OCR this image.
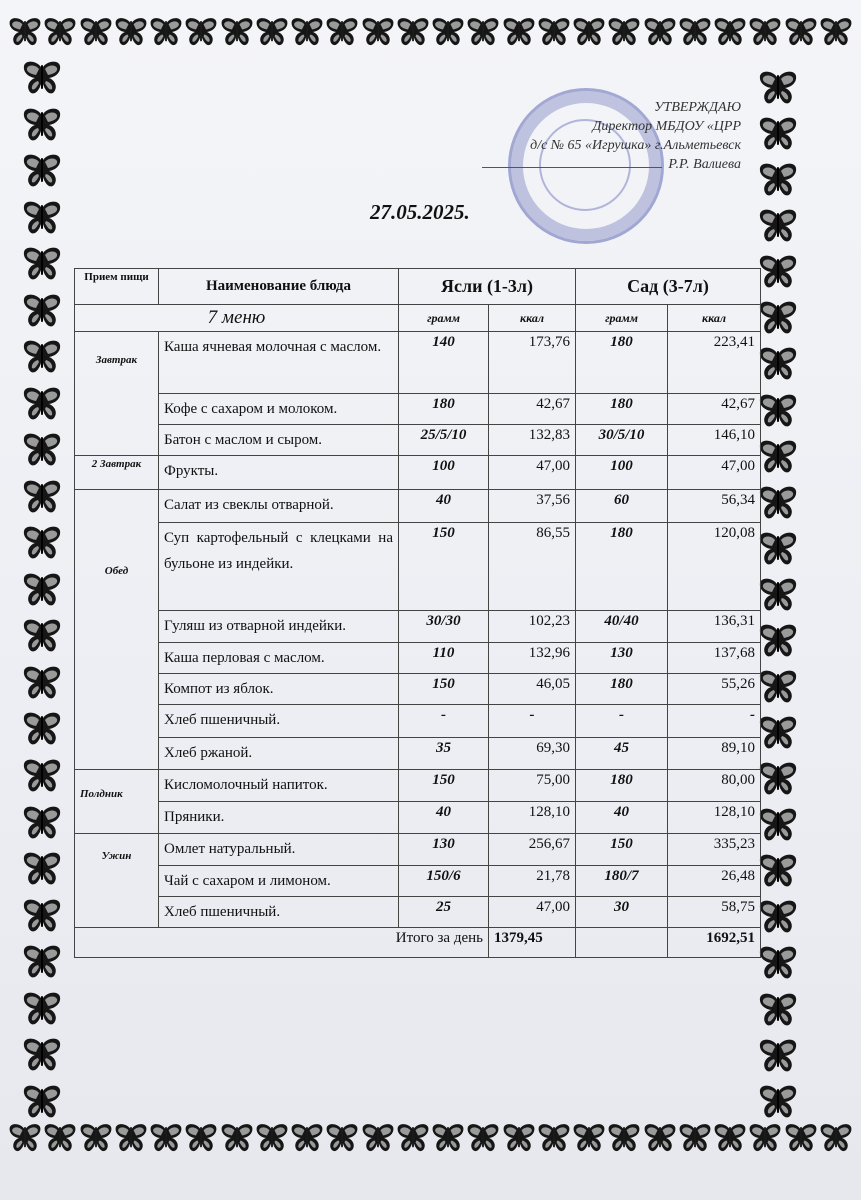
УТВЕРЖДАЮ
Директор МБДОУ «ЦРР
д/с № 65 «Игрушка» г.Альметьевск
Р.Р. Валиева
27.05.2025.
Прием пищи	Наименование блюда	Ясли (1-3л)		Сад (3-7л)	
7 меню		грамм	ккал	грамм	ккал
Завтрак	Каша ячневая молочная с маслом.	140	173,76	180	223,41
	Кофе с сахаром и молоком.	180	42,67	180	42,67
	Батон с маслом и сыром.	25/5/10	132,83	30/5/10	146,10
2 Завтрак	Фрукты.	100	47,00	100	47,00
Обед	Салат из свеклы отварной.	40	37,56	60	56,34
	Суп картофельный с клецками на бульоне из индейки.	150	86,55	180	120,08
	Гуляш из отварной индейки.	30/30	102,23	40/40	136,31
	Каша перловая с маслом.	110	132,96	130	137,68
	Компот из яблок.	150	46,05	180	55,26
	Хлеб пшеничный.	-	-	-	-
	Хлеб ржаной.	35	69,30	45	89,10
Полдник	Кисломолочный напиток.	150	75,00	180	80,00
	Пряники.	40	128,10	40	128,10
Ужин	Омлет натуральный.	130	256,67	150	335,23
	Чай с сахаром и лимоном.	150/6	21,78	180/7	26,48
	Хлеб пшеничный.	25	47,00	30	58,75
Итого за день			1379,45		1692,51
